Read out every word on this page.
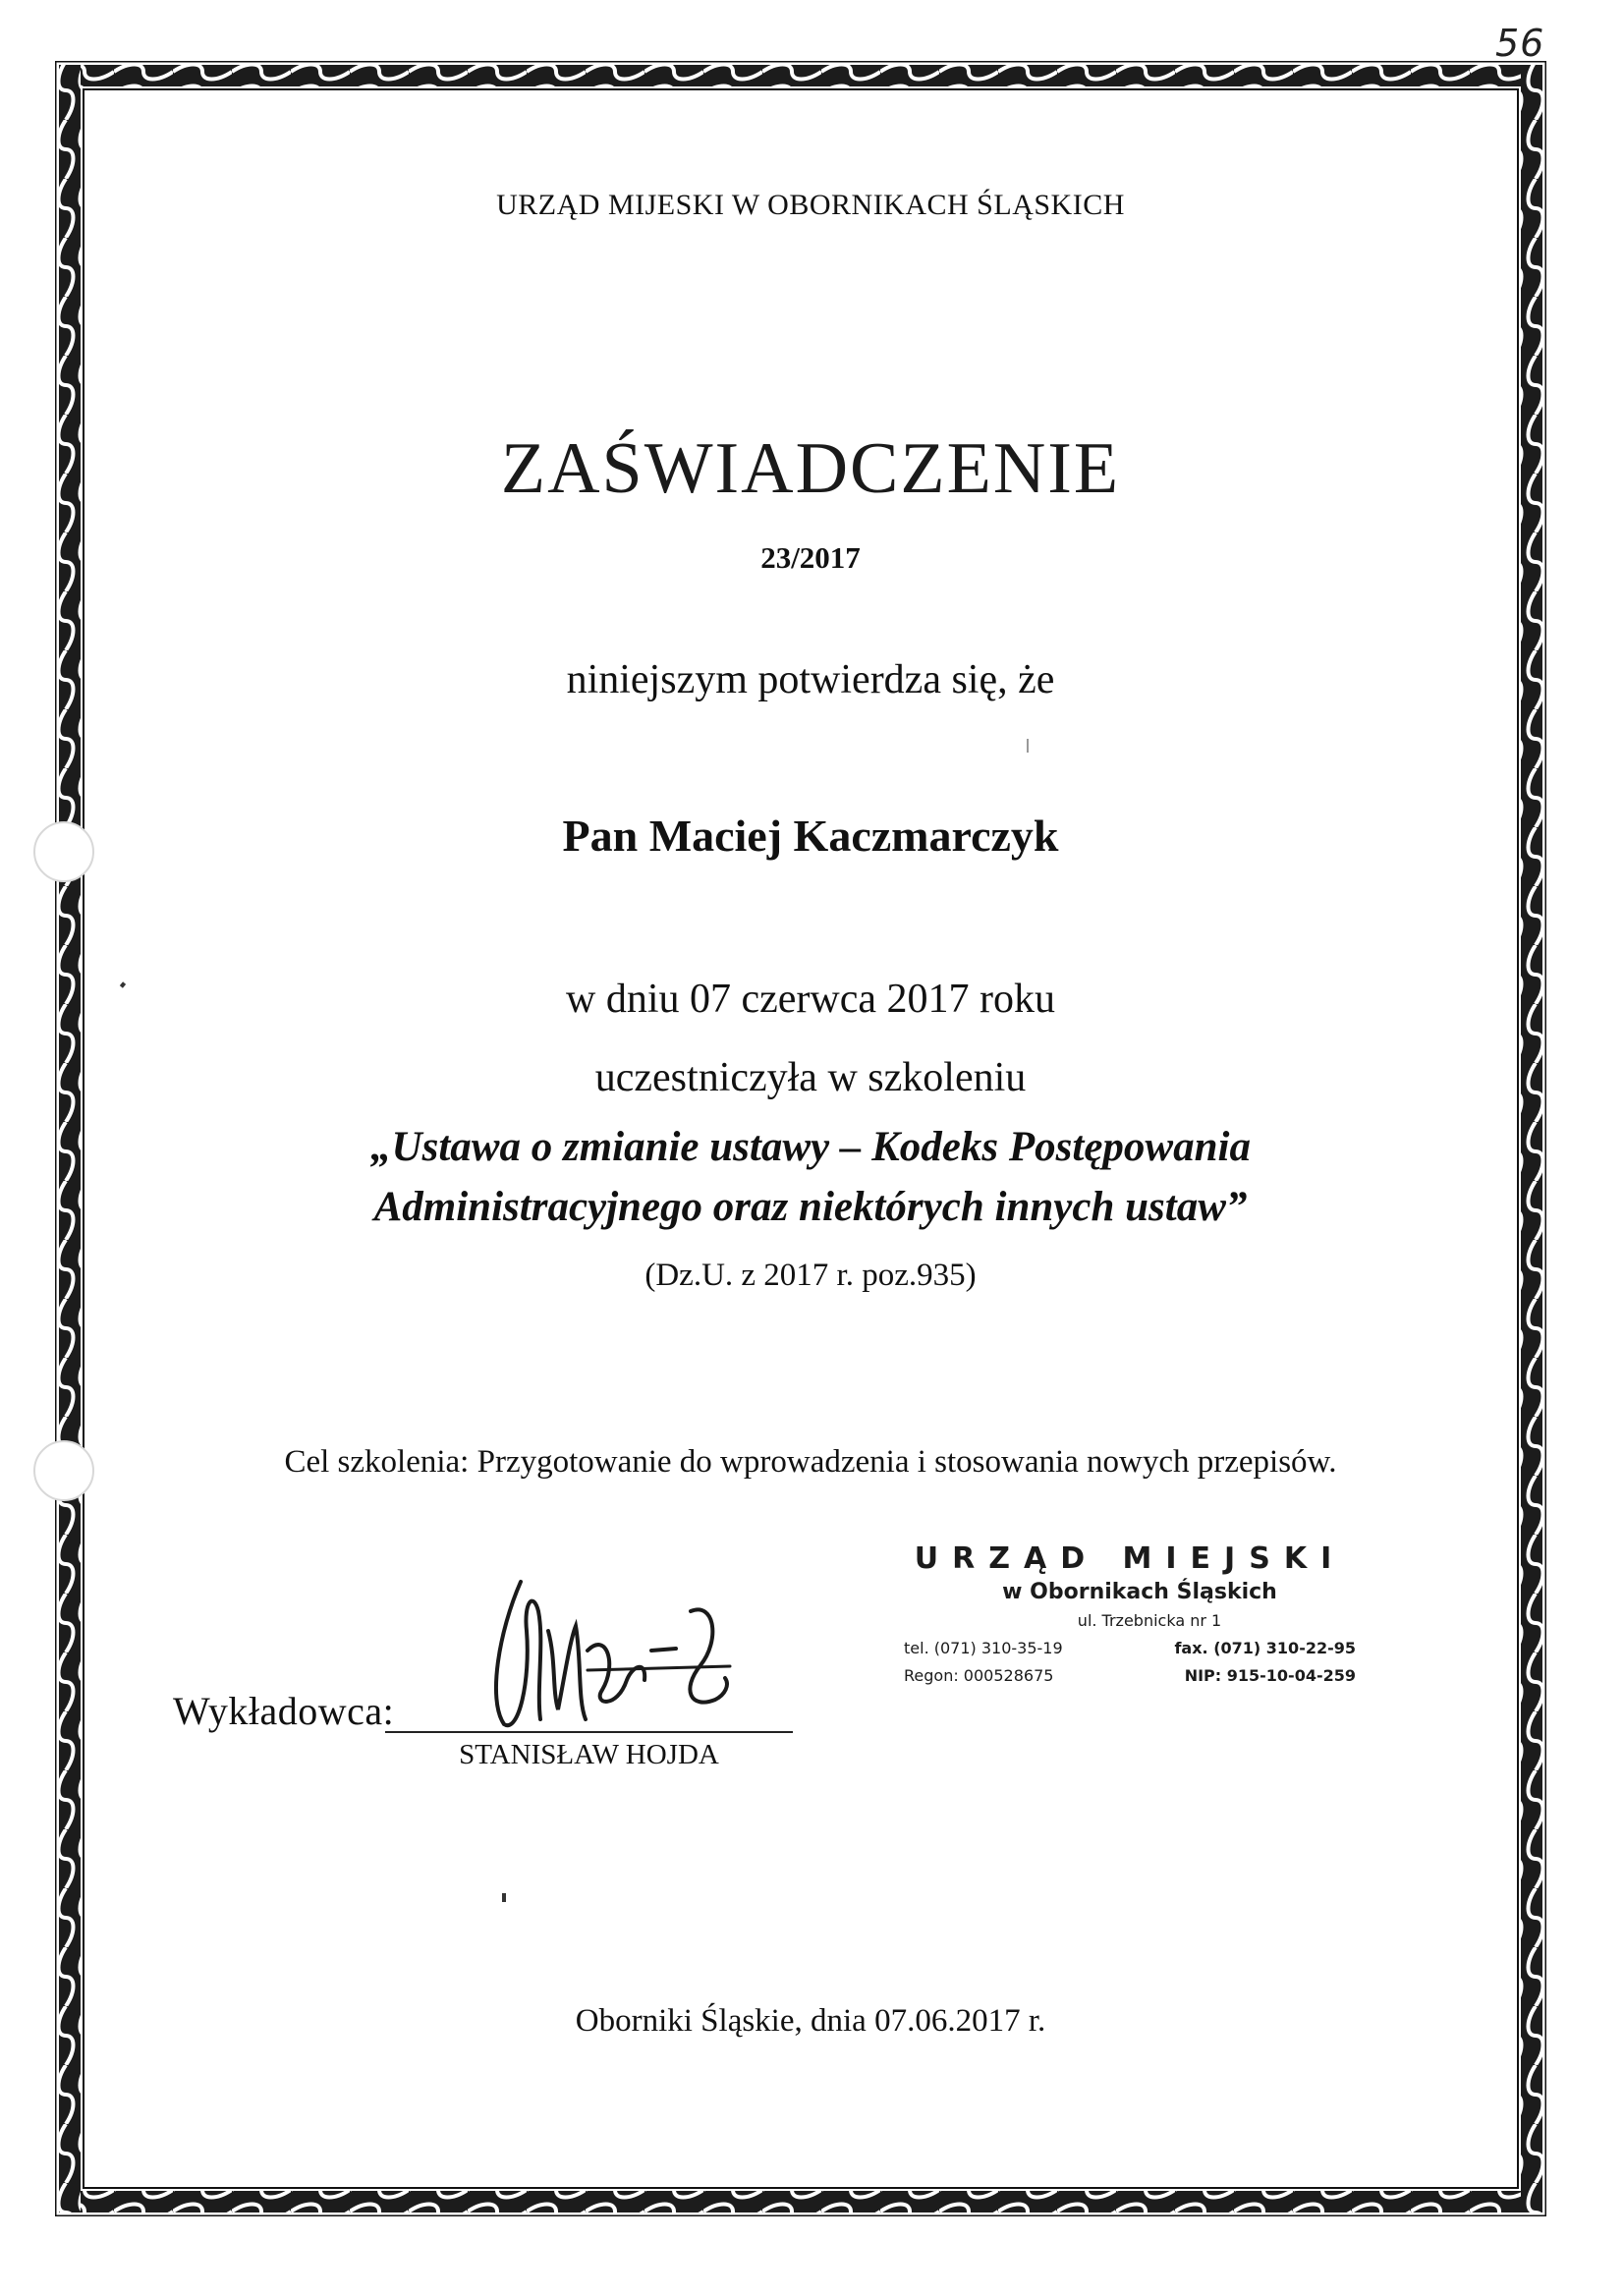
56
URZĄD MIJESKI W OBORNIKACH ŚLĄSKICH
ZAŚWIADCZENIE
23/2017
niniejszym potwierdza się, że
Pan Maciej Kaczmarczyk
w dniu 07 czerwca 2017 roku
uczestniczyła w szkoleniu
„Ustawa o zmianie ustawy – Kodeks Postępowania
Administracyjnego oraz niektórych innych ustaw”
(Dz.U. z 2017 r. poz.935)
Cel szkolenia: Przygotowanie do wprowadzenia i stosowania nowych przepisów.
Oborniki Śląskie, dnia 07.06.2017 r.
Wykładowca:
STANISŁAW HOJDA
URZĄD MIEJSKI
w Obornikach Śląskich
ul. Trzebnicka nr 1
tel. (071) 310-35-19	fax. (071) 310-22-95
Regon: 000528675	NIP: 915-10-04-259
